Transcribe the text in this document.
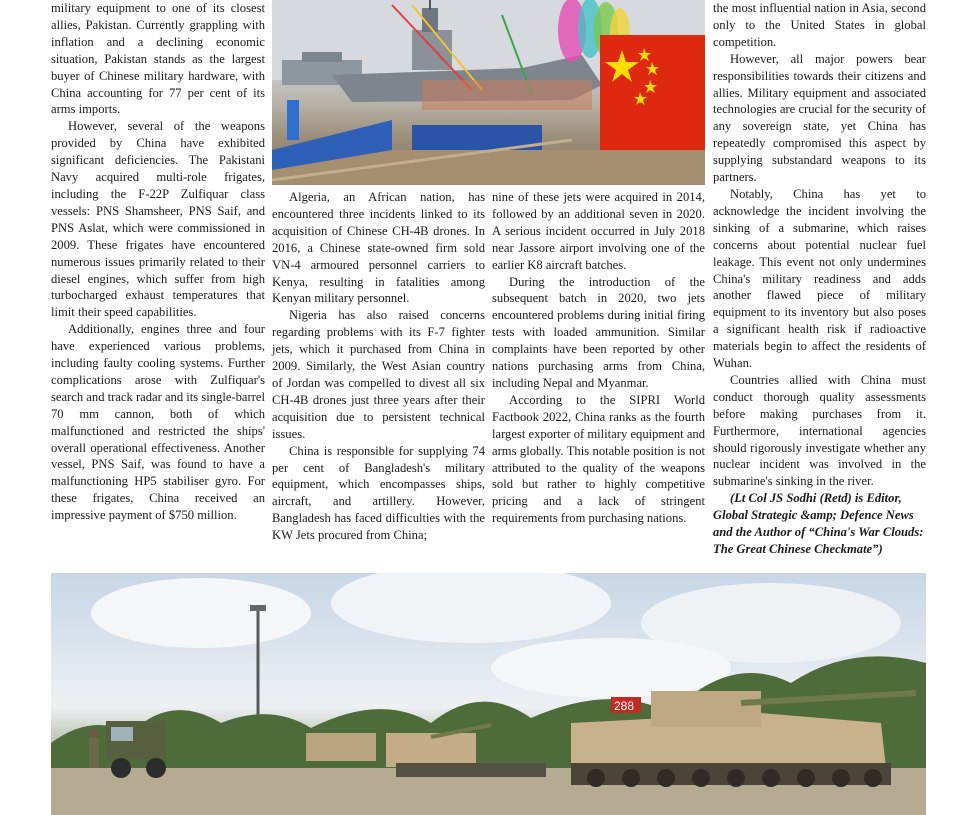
military equipment to one of its closest allies, Pakistan. Currently grappling with inflation and a declining economic situation, Pakistan stands as the largest buyer of Chinese military hardware, with China accounting for 77 per cent of its arms imports.

However, several of the weapons provided by China have exhibited significant deficiencies. The Pakistani Navy acquired multi-role frigates, including the F-22P Zulfiquar class vessels: PNS Shamsheer, PNS Saif, and PNS Aslat, which were commissioned in 2009. These frigates have encountered numerous issues primarily related to their diesel engines, which suffer from high turbocharged exhaust temperatures that limit their speed capabilities.

Additionally, engines three and four have experienced various problems, including faulty cooling systems. Further complications arose with Zulfiquar's search and track radar and its single-barrel 70 mm cannon, both of which malfunctioned and restricted the ships' overall operational effectiveness. Another vessel, PNS Saif, was found to have a malfunctioning HP5 stabiliser gyro. For these frigates, China received an impressive payment of $750 million.

Algeria, an African nation, has encountered three incidents linked to its acquisition of Chinese CH-4B drones. In 2016, a Chinese state-owned firm sold VN-4 armoured personnel carriers to Kenya, resulting in fatalities among Kenyan military personnel.

Nigeria has also raised concerns regarding problems with its F-7 fighter jets, which it purchased from China in 2009. Similarly, the West Asian country of Jordan was compelled to divest all six CH-4B drones just three years after their acquisition due to persistent technical issues.

China is responsible for supplying 74 per cent of Bangladesh's military equipment, which encompasses ships, aircraft, and artillery. However, Bangladesh has faced difficulties with the KW Jets procured from China;

nine of these jets were acquired in 2014, followed by an additional seven in 2020. A serious incident occurred in July 2018 near Jassore airport involving one of the earlier K8 aircraft batches.

During the introduction of the subsequent batch in 2020, two jets encountered problems during initial firing tests with loaded ammunition. Similar complaints have been reported by other nations purchasing arms from China, including Nepal and Myanmar.

According to the SIPRI World Factbook 2022, China ranks as the fourth largest exporter of military equipment and arms globally. This notable position is not attributed to the quality of the weapons sold but rather to highly competitive pricing and a lack of stringent requirements from purchasing nations.

the most influential nation in Asia, second only to the United States in global competition.

However, all major powers bear responsibilities towards their citizens and allies. Military equipment and associated technologies are crucial for the security of any sovereign state, yet China has repeatedly compromised this aspect by supplying substandard weapons to its partners.

Notably, China has yet to acknowledge the incident involving the sinking of a submarine, which raises concerns about potential nuclear fuel leakage. This event not only undermines China's military readiness and adds another flawed piece of military equipment to its inventory but also poses a significant health risk if radioactive materials begin to affect the residents of Wuhan.

Countries allied with China must conduct thorough quality assessments before making purchases from it. Furthermore, international agencies should rigorously investigate whether any nuclear incident was involved in the submarine's sinking in the river.

(Lt Col JS Sodhi (Retd) is Editor, Global Strategic &amp; Defence News and the Author of “China's War Clouds: The Great Chinese Checkmate”)

288
